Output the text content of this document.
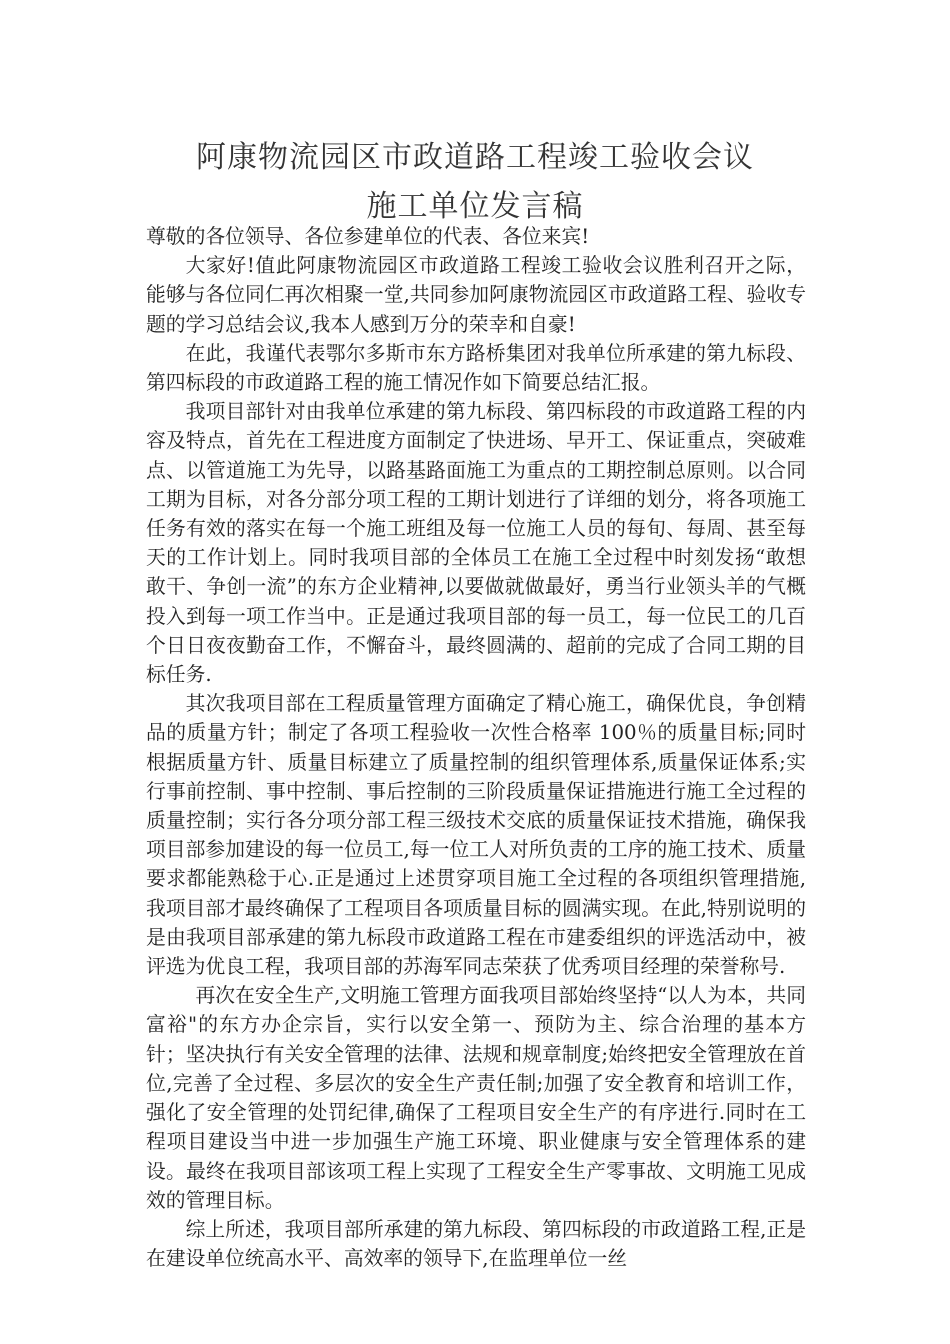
阿康物流园区市政道路工程竣工验收会议
施工单位发言稿

尊敬的各位领导、各位参建单位的代表、各位来宾!

大家好!值此阿康物流园区市政道路工程竣工验收会议胜利召开之际，能够与各位同仁再次相聚一堂,共同参加阿康物流园区市政道路工程、验收专题的学习总结会议,我本人感到万分的荣幸和自豪!

在此，我谨代表鄂尔多斯市东方路桥集团对我单位所承建的第九标段、第四标段的市政道路工程的施工情况作如下简要总结汇报。

我项目部针对由我单位承建的第九标段、第四标段的市政道路工程的内容及特点，首先在工程进度方面制定了快进场、早开工、保证重点，突破难点、以管道施工为先导，以路基路面施工为重点的工期控制总原则。以合同工期为目标，对各分部分项工程的工期计划进行了详细的划分，将各项施工任务有效的落实在每一个施工班组及每一位施工人员的每旬、每周、甚至每天的工作计划上。同时我项目部的全体员工在施工全过程中时刻发扬“敢想敢干、争创一流”的东方企业精神,以要做就做最好，勇当行业领头羊的气概投入到每一项工作当中。正是通过我项目部的每一员工，每一位民工的几百个日日夜夜勤奋工作，不懈奋斗，最终圆满的、超前的完成了合同工期的目标任务.

其次我项目部在工程质量管理方面确定了精心施工，确保优良，争创精品的质量方针；制定了各项工程验收一次性合格率 100％的质量目标;同时根据质量方针、质量目标建立了质量控制的组织管理体系,质量保证体系;实行事前控制、事中控制、事后控制的三阶段质量保证措施进行施工全过程的质量控制；实行各分项分部工程三级技术交底的质量保证技术措施，确保我项目部参加建设的每一位员工,每一位工人对所负责的工序的施工技术、质量要求都能熟稔于心.正是通过上述贯穿项目施工全过程的各项组织管理措施,我项目部才最终确保了工程项目各项质量目标的圆满实现。在此,特别说明的是由我项目部承建的第九标段市政道路工程在市建委组织的评选活动中，被评选为优良工程，我项目部的苏海军同志荣获了优秀项目经理的荣誉称号.

再次在安全生产,文明施工管理方面我项目部始终坚持“以人为本，共同富裕"的东方办企宗旨，实行以安全第一、预防为主、综合治理的基本方针；坚决执行有关安全管理的法律、法规和规章制度;始终把安全管理放在首位,完善了全过程、多层次的安全生产责任制;加强了安全教育和培训工作，强化了安全管理的处罚纪律,确保了工程项目安全生产的有序进行.同时在工程项目建设当中进一步加强生产施工环境、职业健康与安全管理体系的建设。最终在我项目部该项工程上实现了工程安全生产零事故、文明施工见成效的管理目标。

综上所述，我项目部所承建的第九标段、第四标段的市政道路工程,正是在建设单位统高水平、高效率的领导下,在监理单位一丝
